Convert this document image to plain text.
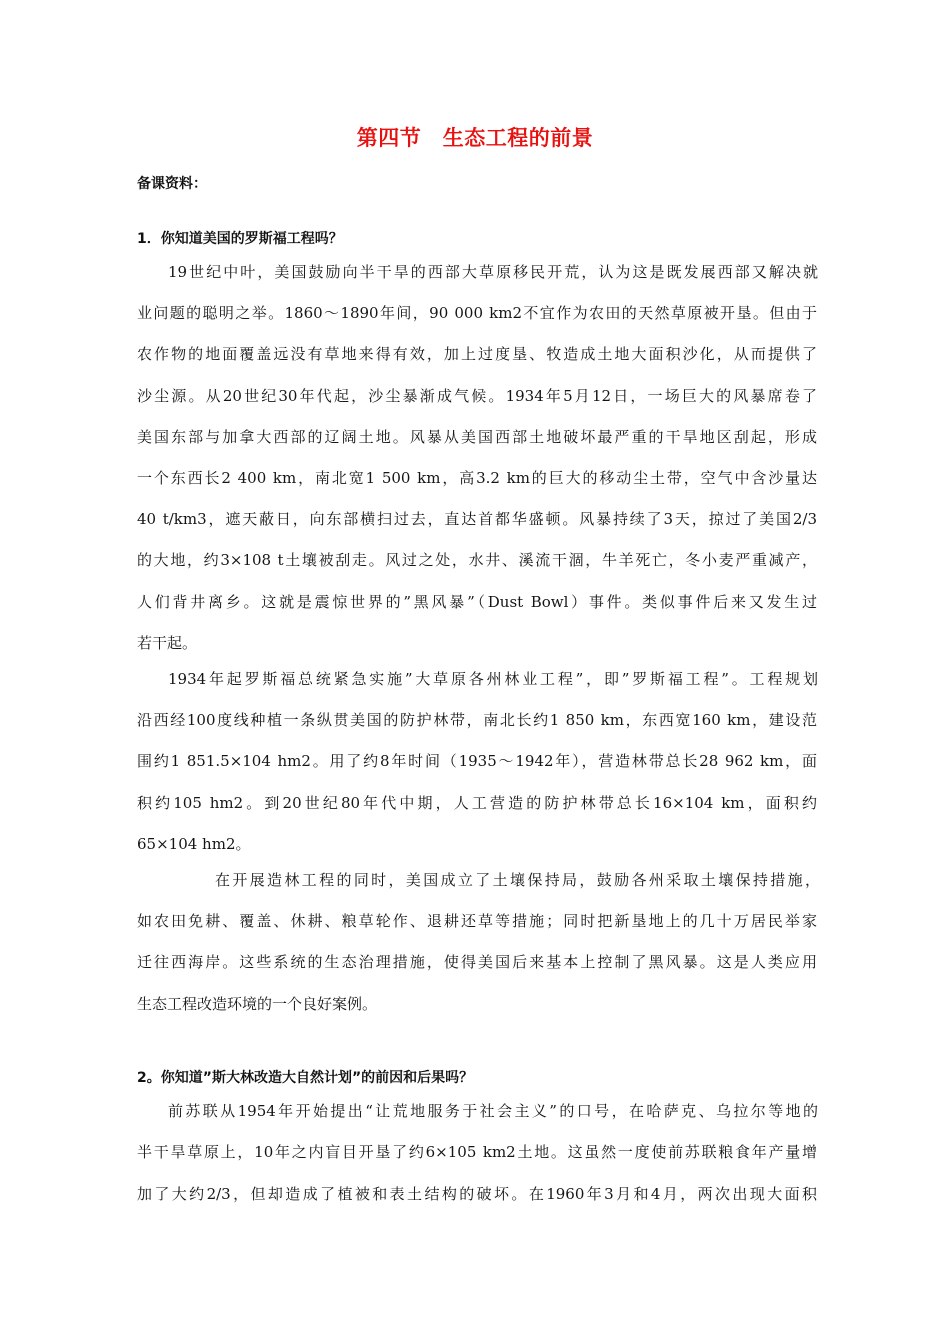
第四节　生态工程的前景
备课资料：
1．你知道美国的罗斯福工程吗？
19世纪中叶，美国鼓励向半干旱的西部大草原移民开荒，认为这是既发展西部又解决就
业问题的聪明之举。1860～1890年间，90 000 km2不宜作为农田的天然草原被开垦。但由于
农作物的地面覆盖远没有草地来得有效，加上过度垦、牧造成土地大面积沙化，从而提供了
沙尘源。从20世纪30年代起，沙尘暴渐成气候。1934年5月12日，一场巨大的风暴席卷了
美国东部与加拿大西部的辽阔土地。风暴从美国西部土地破坏最严重的干旱地区刮起，形成
一个东西长2 400 km，南北宽1 500 km，高3.2 km的巨大的移动尘土带，空气中含沙量达
40 t/km3，遮天蔽日，向东部横扫过去，直达首都华盛顿。风暴持续了3天，掠过了美国2/3
的大地，约3×108 t土壤被刮走。风过之处，水井、溪流干涸，牛羊死亡，冬小麦严重减产，
人们背井离乡。这就是震惊世界的”黑风暴”（Dust Bowl）事件。类似事件后来又发生过
若干起。
1934年起罗斯福总统紧急实施”大草原各州林业工程”，即”罗斯福工程”。工程规划
沿西经100度线种植一条纵贯美国的防护林带，南北长约1 850 km，东西宽160 km，建设范
围约1 851.5×104 hm2。用了约8年时间（1935～1942年），营造林带总长28 962 km，面
积约105 hm2。到20世纪80年代中期，人工营造的防护林带总长16×104 km，面积约
65×104 hm2。
在开展造林工程的同时，美国成立了土壤保持局，鼓励各州采取土壤保持措施，
如农田免耕、覆盖、休耕、粮草轮作、退耕还草等措施；同时把新垦地上的几十万居民举家
迁往西海岸。这些系统的生态治理措施，使得美国后来基本上控制了黑风暴。这是人类应用
生态工程改造环境的一个良好案例。
2。你知道”斯大林改造大自然计划”的前因和后果吗？
前苏联从1954年开始提出“让荒地服务于社会主义”的口号，在哈萨克、乌拉尔等地的
半干旱草原上，10年之内盲目开垦了约6×105 km2土地。这虽然一度使前苏联粮食年产量增
加了大约2/3，但却造成了植被和表土结构的破坏。在1960年3月和4月，两次出现大面积
